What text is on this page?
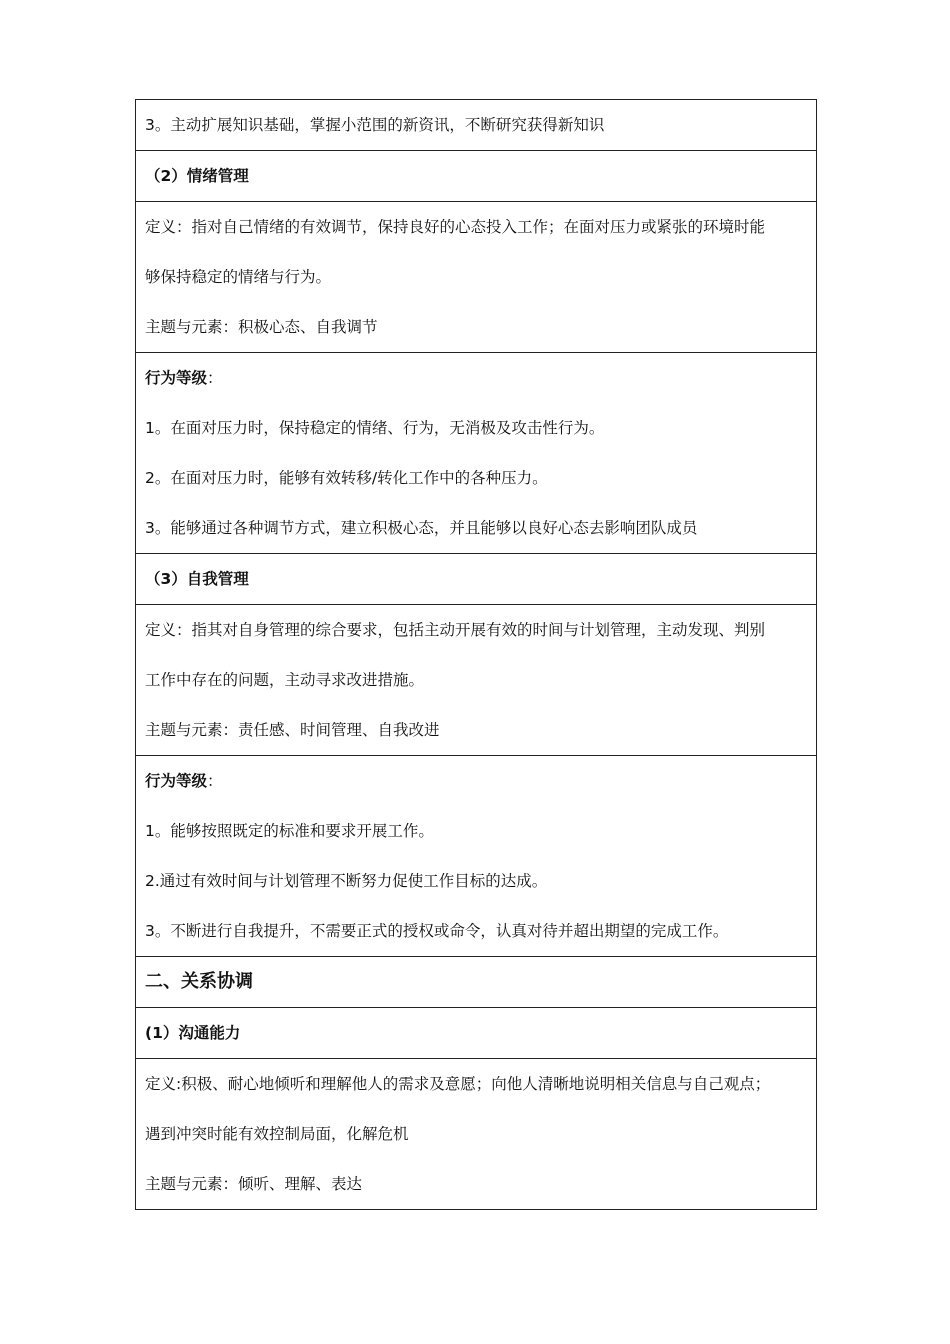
3。主动扩展知识基础，掌握小范围的新资讯，不断研究获得新知识
（2）情绪管理
定义：指对自己情绪的有效调节，保持良好的心态投入工作；在面对压力或紧张的环境时能
够保持稳定的情绪与行为。
主题与元素：积极心态、自我调节
行为等级：
1。在面对压力时，保持稳定的情绪、行为，无消极及攻击性行为。
2。在面对压力时，能够有效转移/转化工作中的各种压力。
3。能够通过各种调节方式，建立积极心态，并且能够以良好心态去影响团队成员
（3）自我管理
定义：指其对自身管理的综合要求，包括主动开展有效的时间与计划管理，主动发现、判别
工作中存在的问题，主动寻求改进措施。
主题与元素：责任感、时间管理、自我改进
行为等级：
1。能够按照既定的标准和要求开展工作。
2.通过有效时间与计划管理不断努力促使工作目标的达成。
3。不断进行自我提升，不需要正式的授权或命令，认真对待并超出期望的完成工作。
二、关系协调
(1）沟通能力
定义:积极、耐心地倾听和理解他人的需求及意愿；向他人清晰地说明相关信息与自己观点；
遇到冲突时能有效控制局面，化解危机
主题与元素：倾听、理解、表达
